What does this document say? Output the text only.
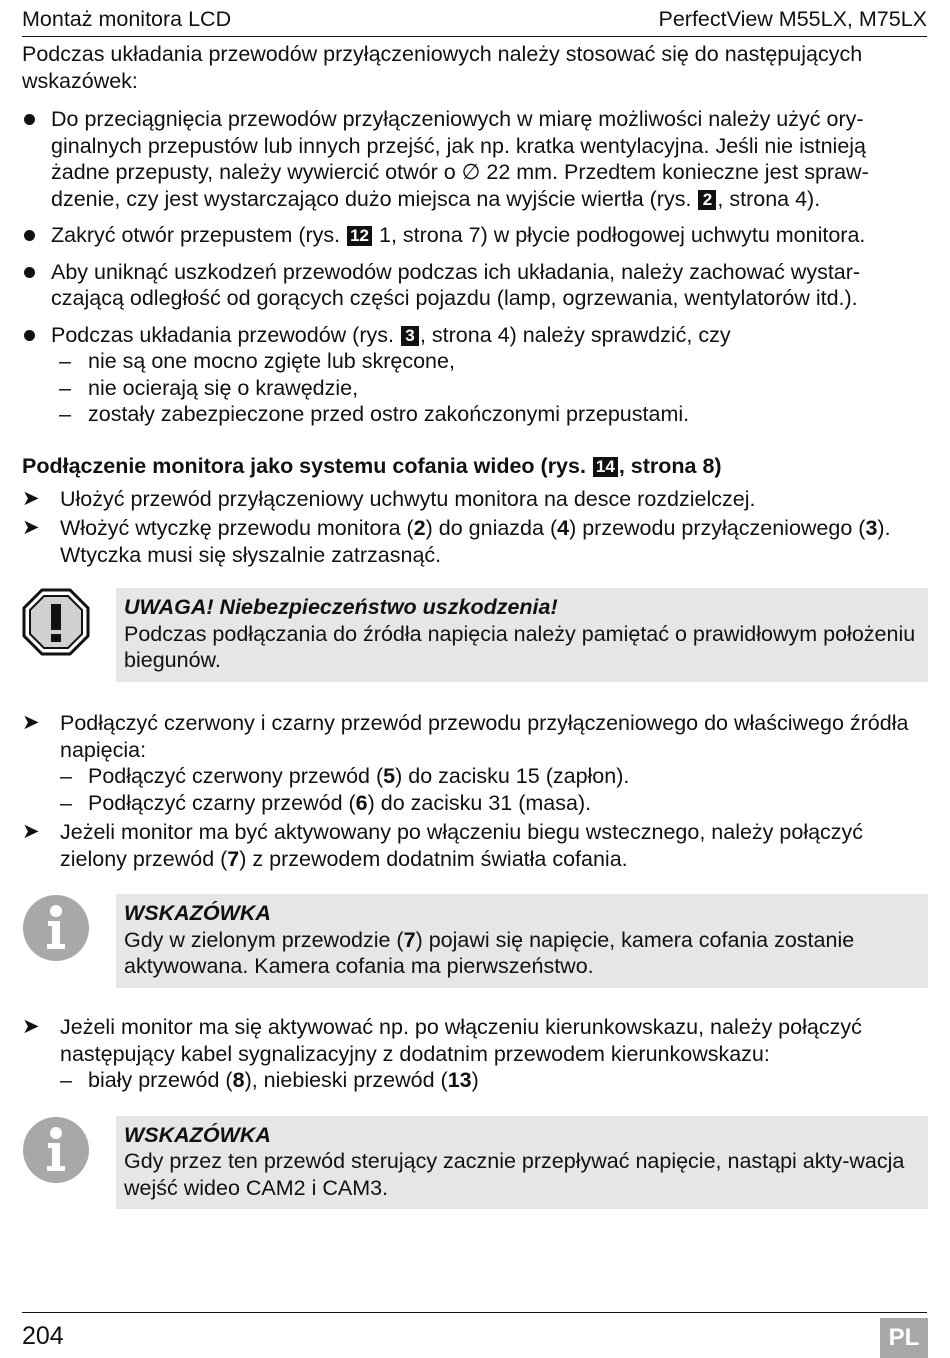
Montaż monitora LCD	PerfectView M55LX, M75LX

Podczas układania przewodów przyłączeniowych należy stosować się do następujących wskazówek:

Do przeciągnięcia przewodów przyłączeniowych w miarę możliwości należy użyć ory-ginalnych przepustów lub innych przejść, jak np. kratka wentylacyjna. Jeśli nie istnieją żadne przepusty, należy wywiercić otwór o ∅ 22 mm. Przedtem konieczne jest spraw-dzenie, czy jest wystarczająco dużo miejsca na wyjście wiertła (rys. 2 , strona 4).
Zakryć otwór przepustem (rys. 12 1, strona 7) w płycie podłogowej uchwytu monitora.
Aby uniknąć uszkodzeń przewodów podczas ich układania, należy zachować wystar-czającą odległość od gorących części pojazdu (lamp, ogrzewania, wentylatorów itd.).
Podczas układania przewodów (rys. 3 , strona 4) należy sprawdzić, czy
– nie są one mocno zgięte lub skręcone,
– nie ocierają się o krawędzie,
– zostały zabezpieczone przed ostro zakończonymi przepustami.
Podłączenie monitora jako systemu cofania wideo (rys. 14 , strona 8)
➤ Ułożyć przewód przyłączeniowy uchwytu monitora na desce rozdzielczej.
➤ Włożyć wtyczkę przewodu monitora (2) do gniazda (4) przewodu przyłączeniowego (3).
Wtyczka musi się słyszalnie zatrzasnąć.
UWAGA! Niebezpieczeństwo uszkodzenia!
Podczas podłączania do źródła napięcia należy pamiętać o prawidłowym położeniu biegunów.
➤ Podłączyć czerwony i czarny przewód przewodu przyłączeniowego do właściwego źródła napięcia:
– Podłączyć czerwony przewód (5) do zacisku 15 (zapłon).
– Podłączyć czarny przewód (6) do zacisku 31 (masa).
➤ Jeżeli monitor ma być aktywowany po włączeniu biegu wstecznego, należy połączyć zielony przewód (7) z przewodem dodatnim światła cofania.
WSKAZÓWKA
Gdy w zielonym przewodzie (7) pojawi się napięcie, kamera cofania zostanie aktywowana. Kamera cofania ma pierwszeństwo.
➤ Jeżeli monitor ma się aktywować np. po włączeniu kierunkowskazu, należy połączyć następujący kabel sygnalizacyjny z dodatnim przewodem kierunkowskazu:
– biały przewód (8), niebieski przewód (13)
WSKAZÓWKA
Gdy przez ten przewód sterujący zacznie przepływać napięcie, nastąpi akty-wacja wejść wideo CAM2 i CAM3.
204	PL
